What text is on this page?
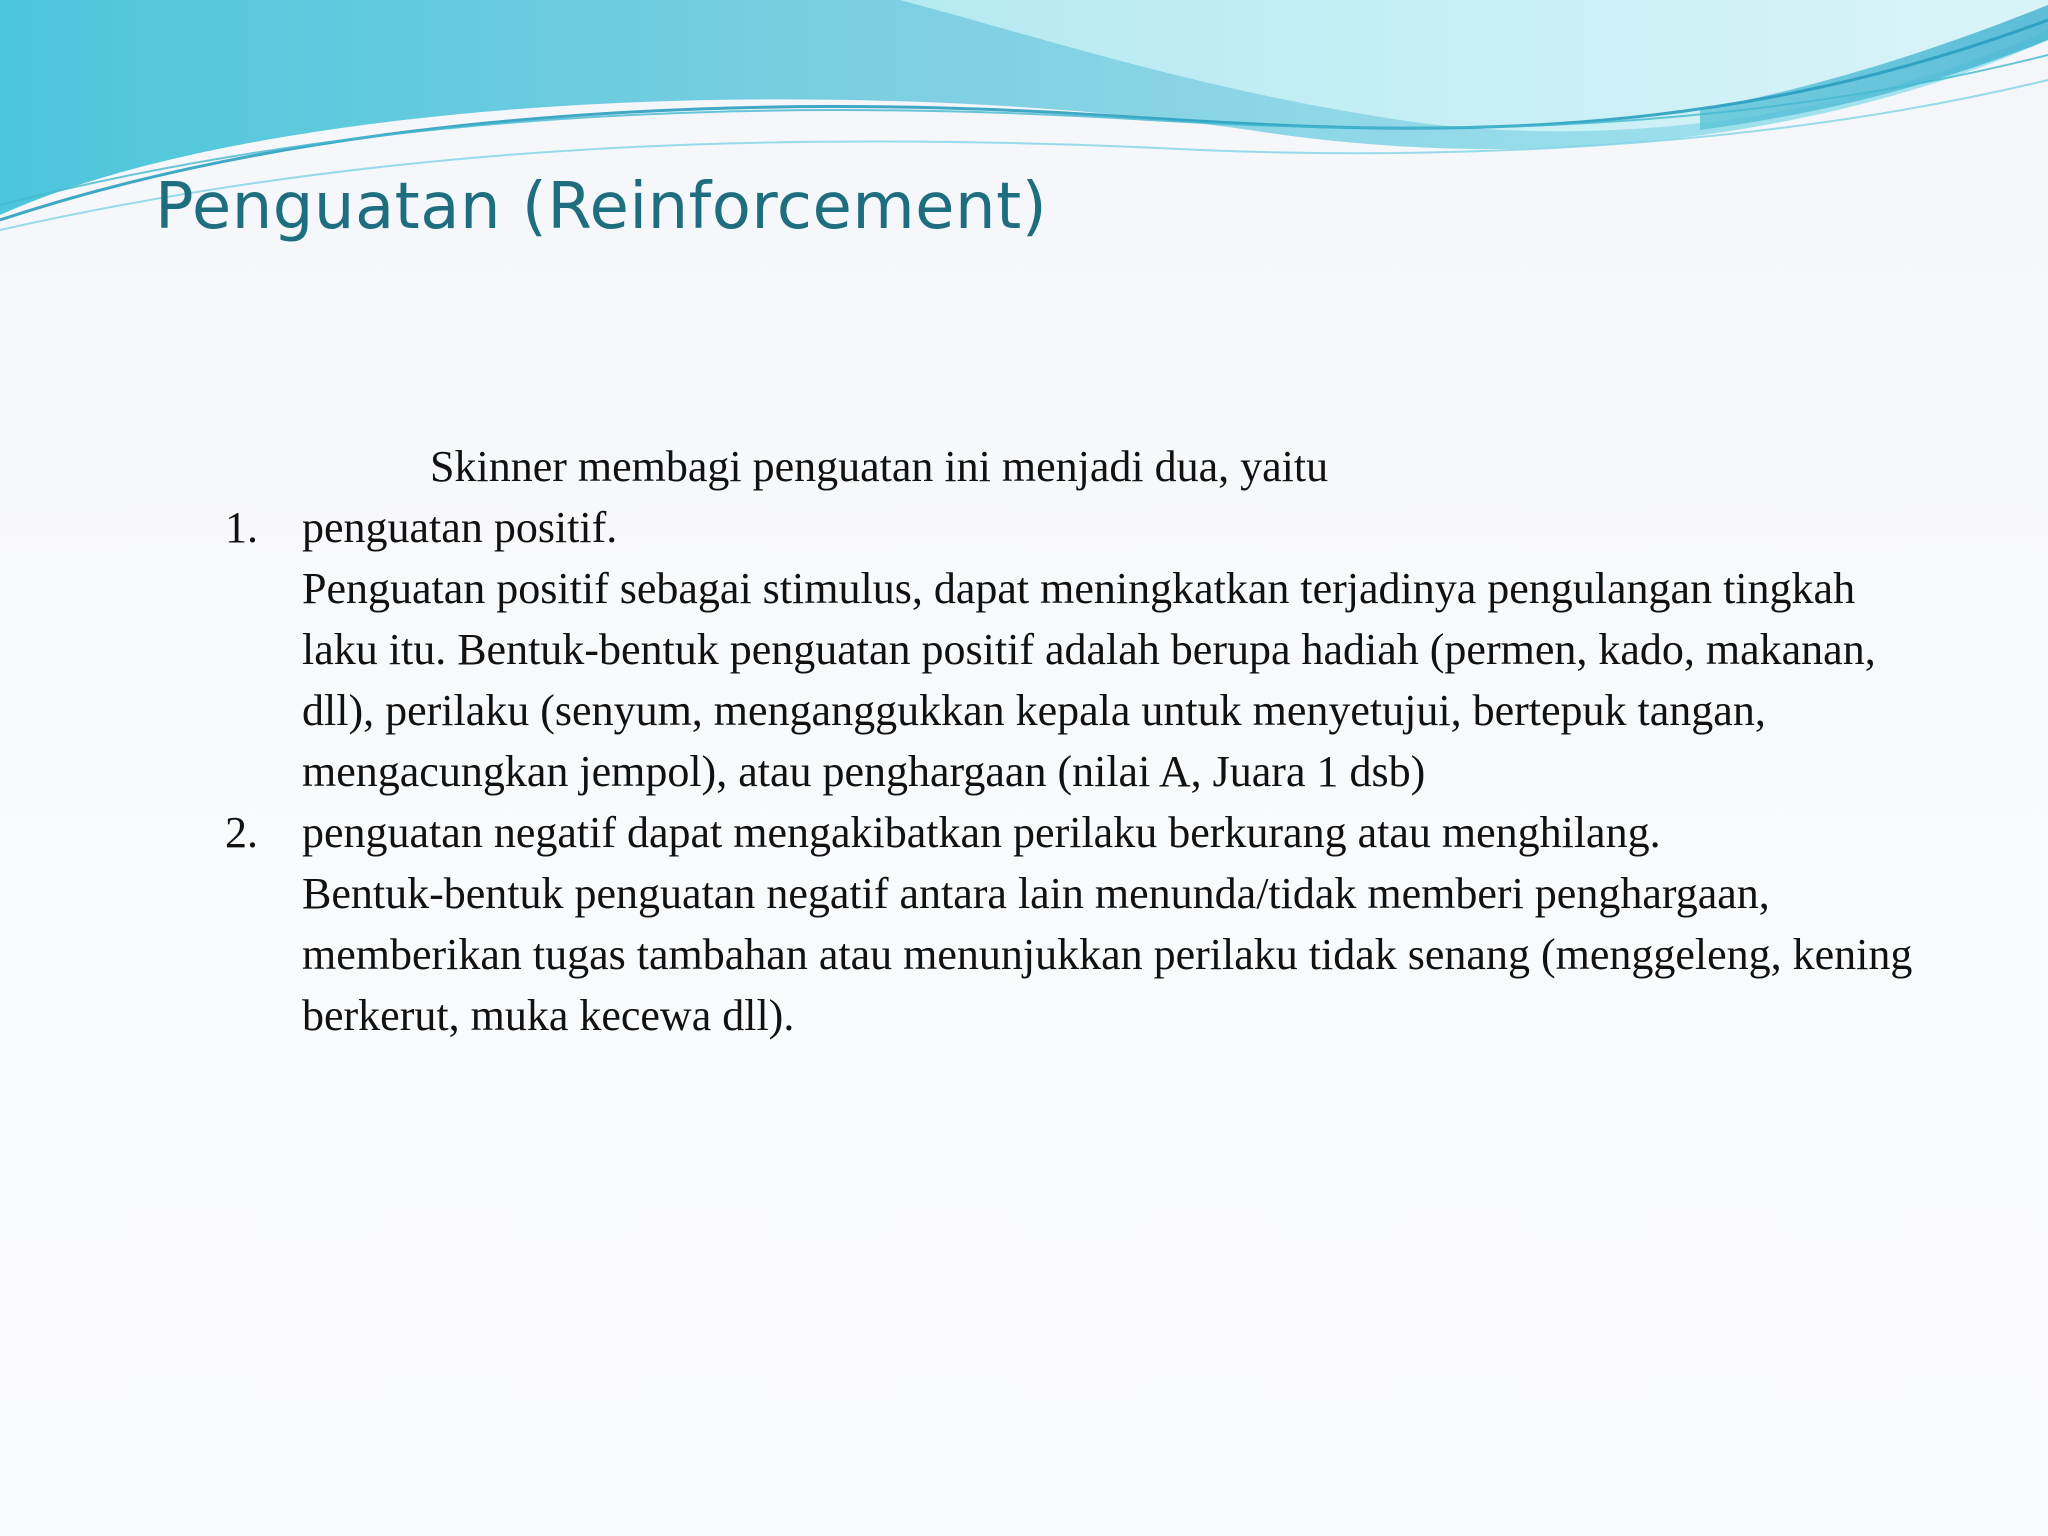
Penguatan (Reinforcement)
Skinner membagi penguatan ini menjadi dua, yaitu
1. penguatan positif.

Penguatan positif sebagai stimulus, dapat meningkatkan terjadinya pengulangan tingkah laku itu. Bentuk-bentuk penguatan positif adalah berupa hadiah (permen, kado, makanan, dll), perilaku (senyum, menganggukkan kepala untuk menyetujui, bertepuk tangan, mengacungkan jempol), atau penghargaan (nilai A, Juara 1 dsb)

2. penguatan negatif dapat mengakibatkan perilaku berkurang atau menghilang.

Bentuk-bentuk penguatan negatif antara lain menunda/tidak memberi penghargaan, memberikan tugas tambahan atau menunjukkan perilaku tidak senang (menggeleng, kening berkerut, muka kecewa dll).
